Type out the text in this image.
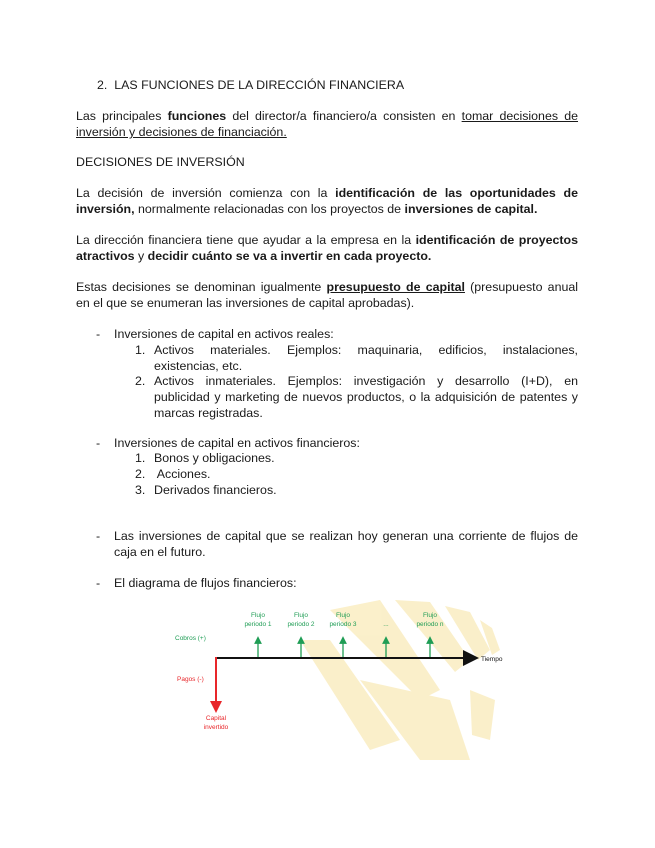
2. LAS FUNCIONES DE LA DIRECCIÓN FINANCIERA

Las principales funciones del director/a financiero/a consisten en tomar decisiones de inversión y decisiones de financiación.

DECISIONES DE INVERSIÓN

La decisión de inversión comienza con la identificación de las oportunidades de inversión, normalmente relacionadas con los proyectos de inversiones de capital.

La dirección financiera tiene que ayudar a la empresa en la identificación de proyectos atractivos y decidir cuánto se va a invertir en cada proyecto.

Estas decisiones se denominan igualmente presupuesto de capital (presupuesto anual en el que se enumeran las inversiones de capital aprobadas).

- Inversiones de capital en activos reales:
1. Activos materiales. Ejemplos: maquinaria, edificios, instalaciones, existencias, etc.
2. Activos inmateriales. Ejemplos: investigación y desarrollo (I+D), en publicidad y marketing de nuevos productos, o la adquisición de patentes y marcas registradas.
- Inversiones de capital en activos financieros:
1. Bonos y obligaciones.
2. Acciones.
3. Derivados financieros.
- Las inversiones de capital que se realizan hoy generan una corriente de flujos de caja en el futuro.
- El diagrama de flujos financieros:
Cobros (+)
Pagos (-)
Tiempo
Capital
invertido
Flujo
periodo 1
Flujo
periodo 2
Flujo
periodo 3	...
Flujo
periodo n
